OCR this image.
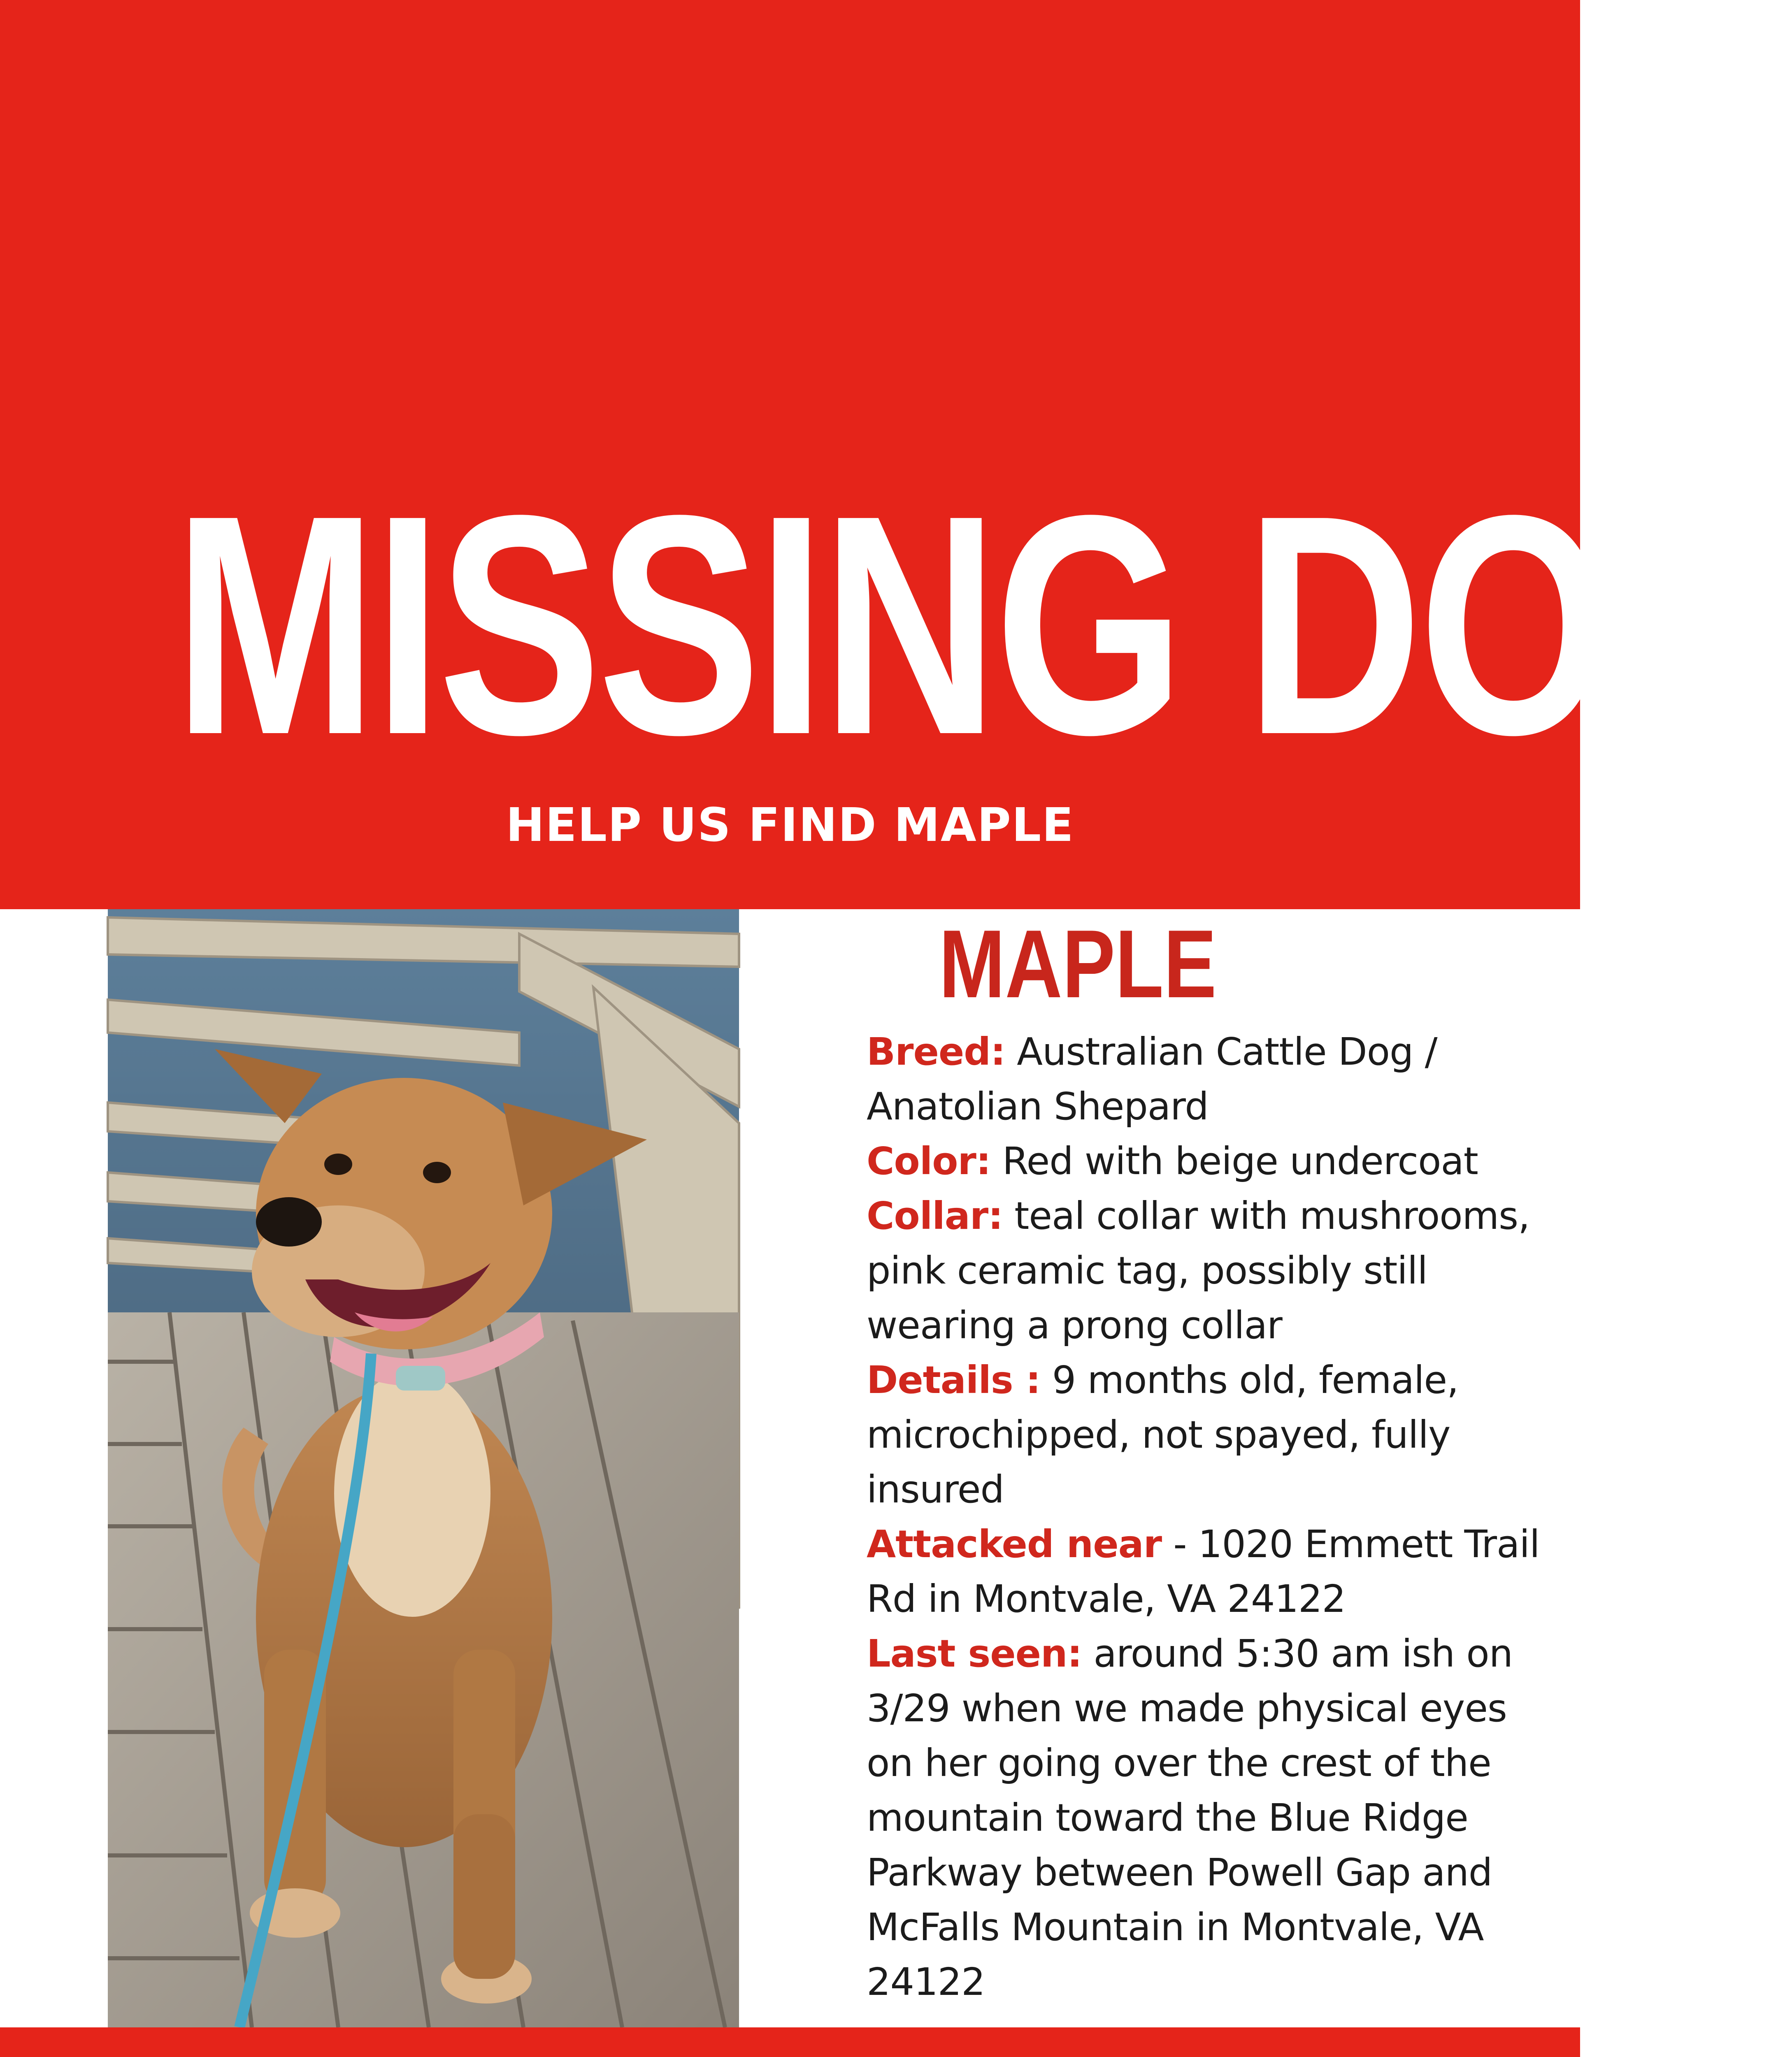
MISSING DOG
HELP US FIND MAPLE
MAPLE

Breed: Australian Cattle Dog / Anatolian Shepard

Color: Red with beige undercoat

Collar: teal collar with mushrooms, pink ceramic tag, possibly still wearing a prong collar

Details : 9 months old, female, microchipped, not spayed, fully insured

Attacked near - 1020 Emmett Trail Rd in Montvale, VA 24122

Last seen: around 5:30 am ish on 3/29 when we made physical eyes on her going over the crest of the mountain toward the Blue Ridge Parkway between Powell Gap and McFalls Mountain in Montvale, VA 24122
